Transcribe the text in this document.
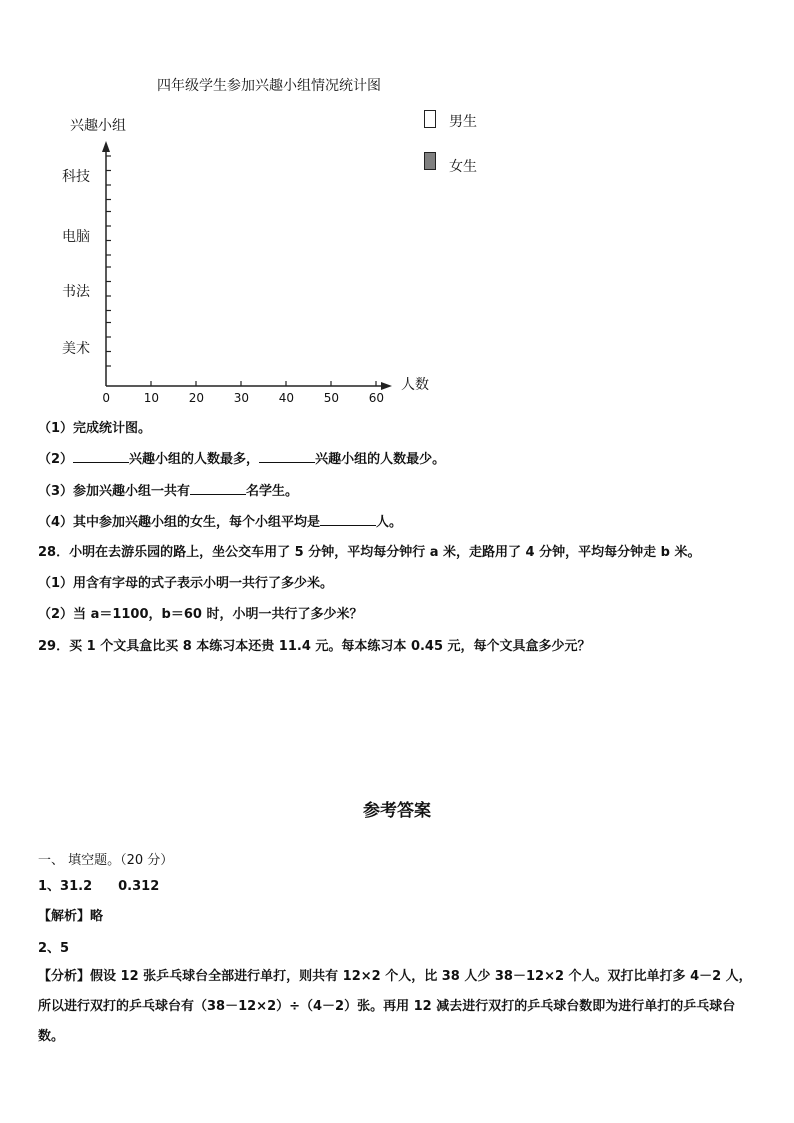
四年级学生参加兴趣小组情况统计图
兴趣小组	男生
女生
科技
电脑
书法
美术
人数
0	10 20 30 40 50 60
（1）完成统计图。
（2）	兴趣小组的人数最多，	兴趣小组的人数最少。
（3）参加兴趣小组一共有	名学生。
（4）其中参加兴趣小组的女生，每个小组平均是	人。
28．小明在去游乐园的路上，坐公交车用了 5 分钟，平均每分钟行 a 米，走路用了 4 分钟，平均每分钟走 b 米。
（1）用含有字母的式子表示小明一共行了多少米。
（2）当 a＝1100，b＝60 时，小明一共行了多少米？
29．买 1 个文具盒比买 8 本练习本还贵 11.4 元。每本练习本 0.45 元，每个文具盒多少元？
参考答案
一、 填空题。（20 分）
1、31.2　　0.312
【解析】略
2、5
【分析】假设 12 张乒乓球台全部进行单打，则共有 12×2 个人，比 38 人少 38－12×2 个人。双打比单打多 4－2 人，所以进行双打的乒乓球台有（38－12×2）÷（4－2）张。再用 12 减去进行双打的乒乓球台数即为进行单打的乒乓球台数。
